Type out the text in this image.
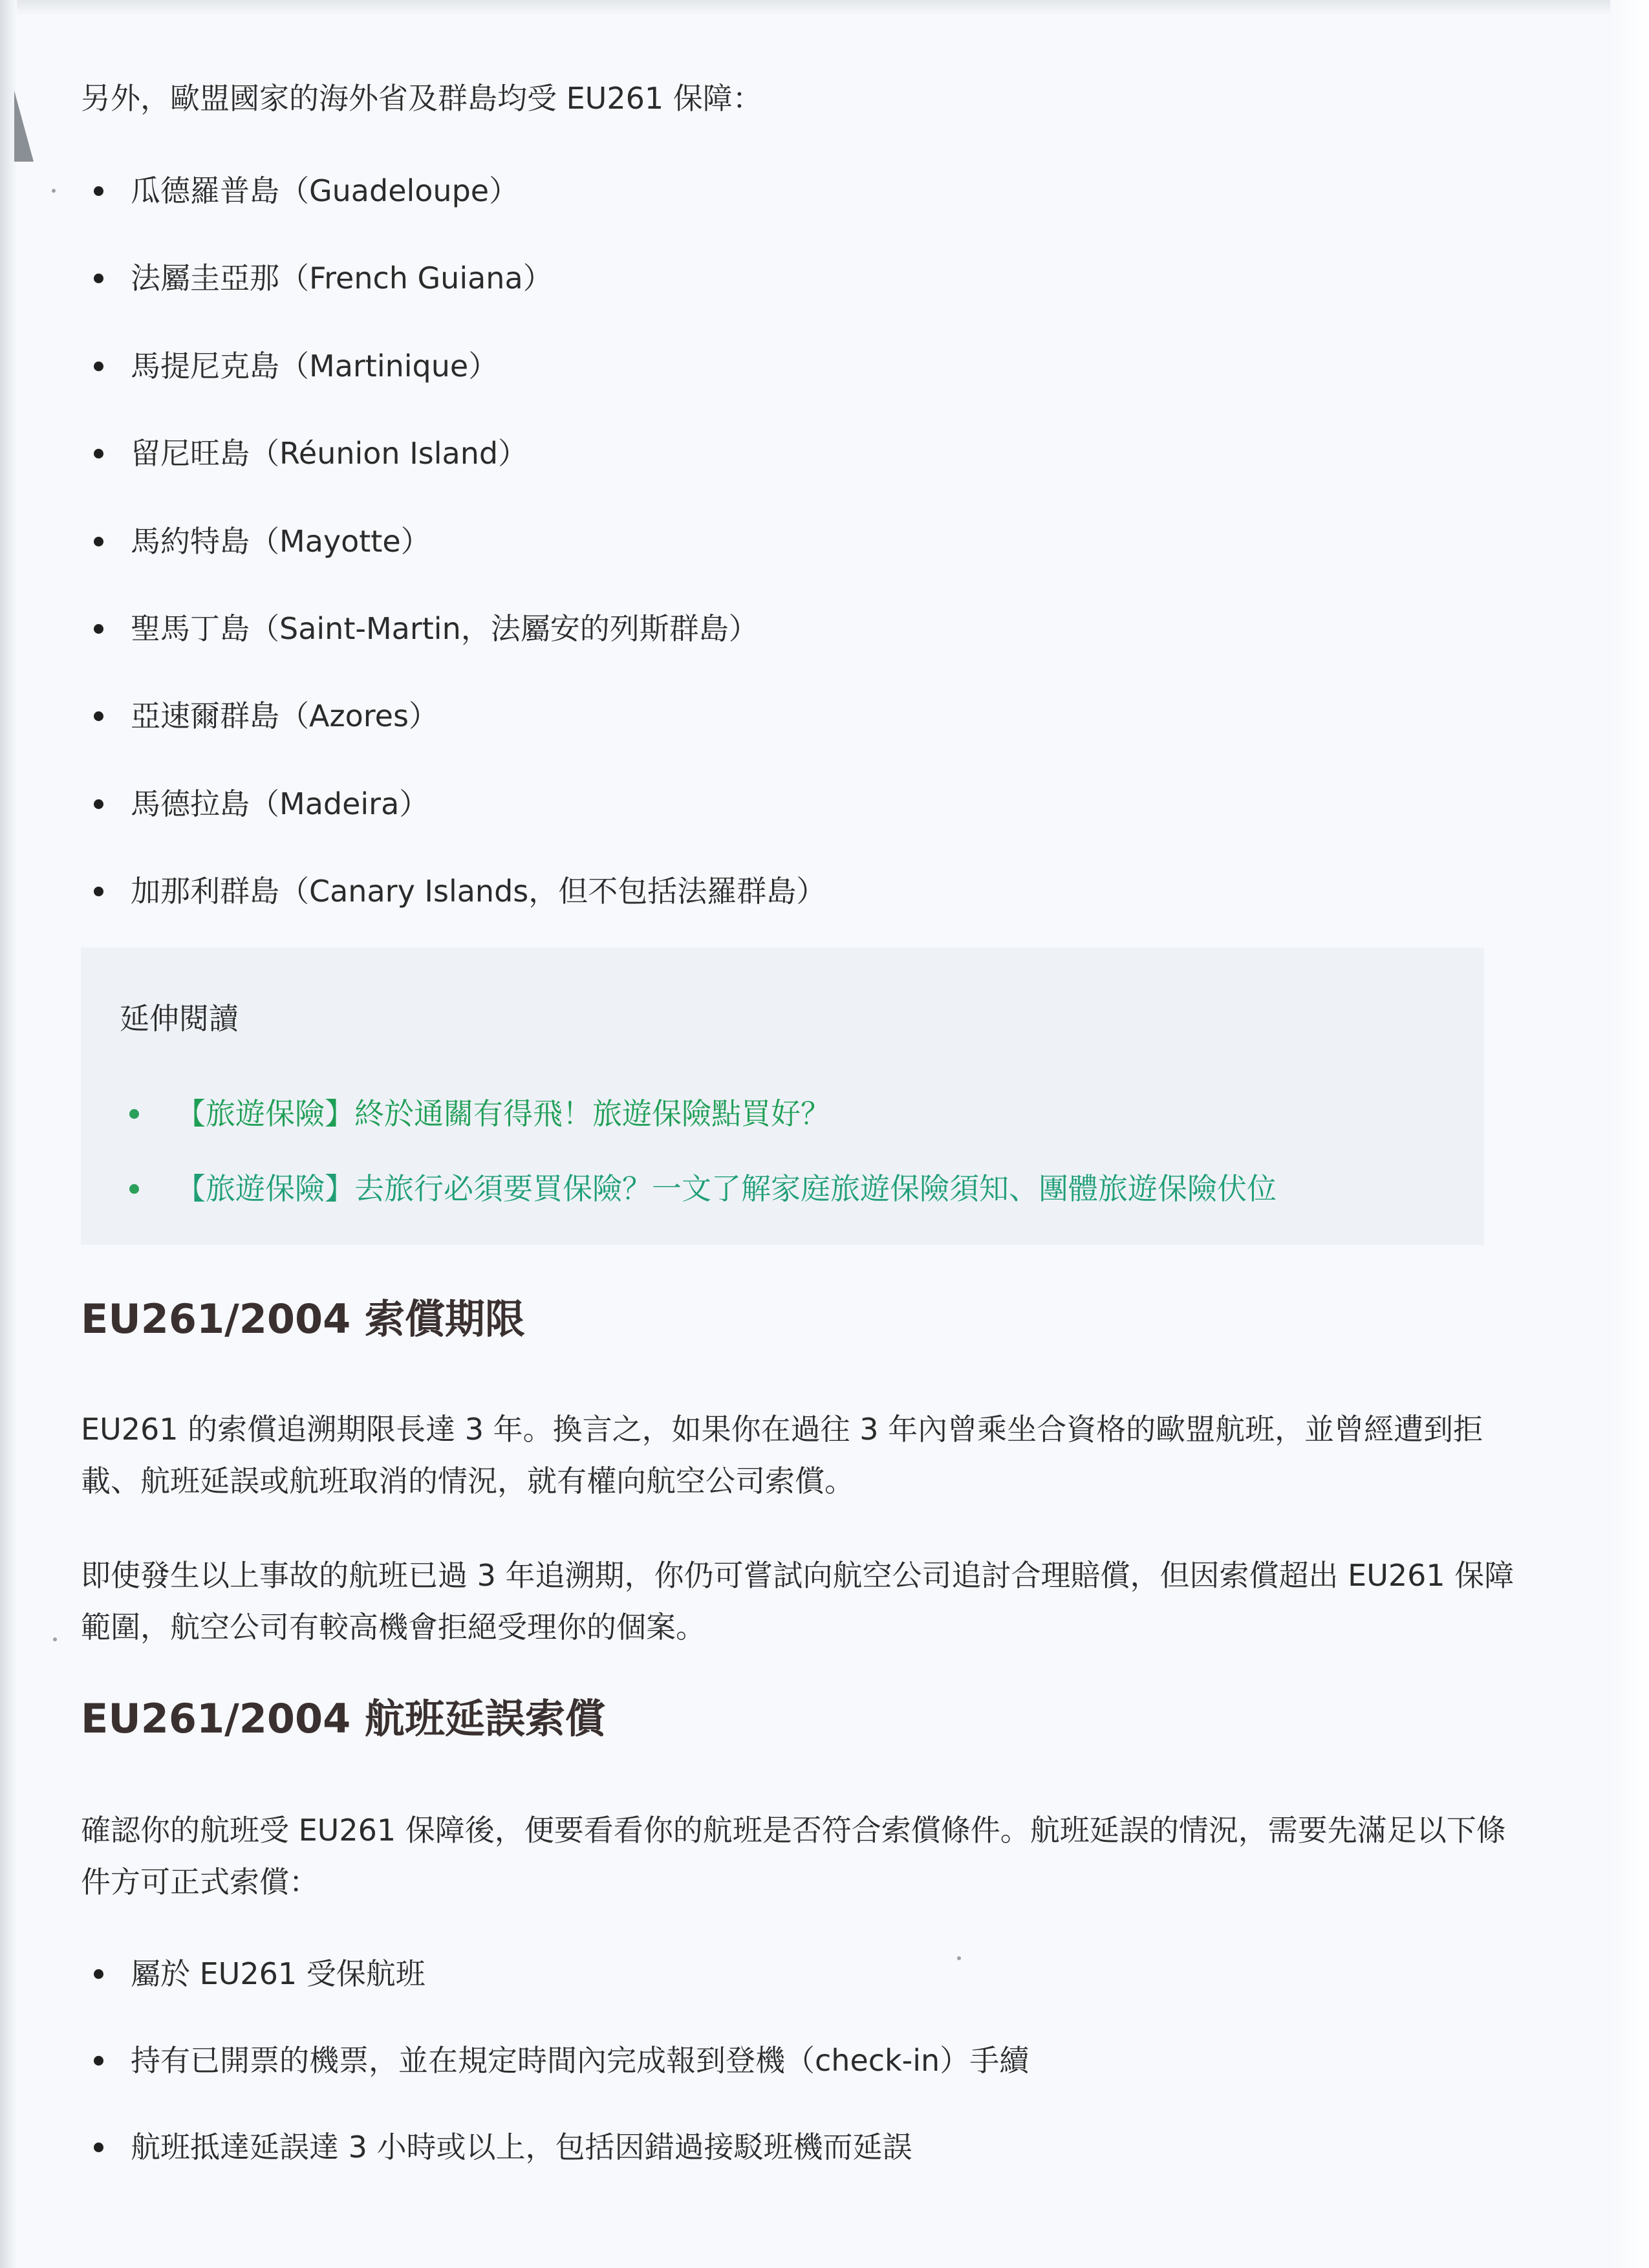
另外，歐盟國家的海外省及群島均受 EU261 保障：

瓜德羅普島（Guadeloupe）
法屬圭亞那（French Guiana）
馬提尼克島（Martinique）
留尼旺島（Réunion Island）
馬約特島（Mayotte）
聖馬丁島（Saint-Martin，法屬安的列斯群島）
亞速爾群島（Azores）
馬德拉島（Madeira）
加那利群島（Canary Islands，但不包括法羅群島）

延伸閱讀

【旅遊保險】終於通關有得飛！旅遊保險點買好？
【旅遊保險】去旅行必須要買保險？一文了解家庭旅遊保險須知、團體旅遊保險伏位
EU261/2004 索償期限

EU261 的索償追溯期限長達 3 年。換言之，如果你在過往 3 年內曾乘坐合資格的歐盟航班，並曾經遭到拒載、航班延誤或航班取消的情況，就有權向航空公司索償。

即使發生以上事故的航班已過 3 年追溯期，你仍可嘗試向航空公司追討合理賠償，但因索償超出 EU261 保障範圍，航空公司有較高機會拒絕受理你的個案。

EU261/2004 航班延誤索償

確認你的航班受 EU261 保障後，便要看看你的航班是否符合索償條件。航班延誤的情況，需要先滿足以下條件方可正式索償：

屬於 EU261 受保航班
持有已開票的機票，並在規定時間內完成報到登機（check-in）手續
航班抵達延誤達 3 小時或以上，包括因錯過接駁班機而延誤
